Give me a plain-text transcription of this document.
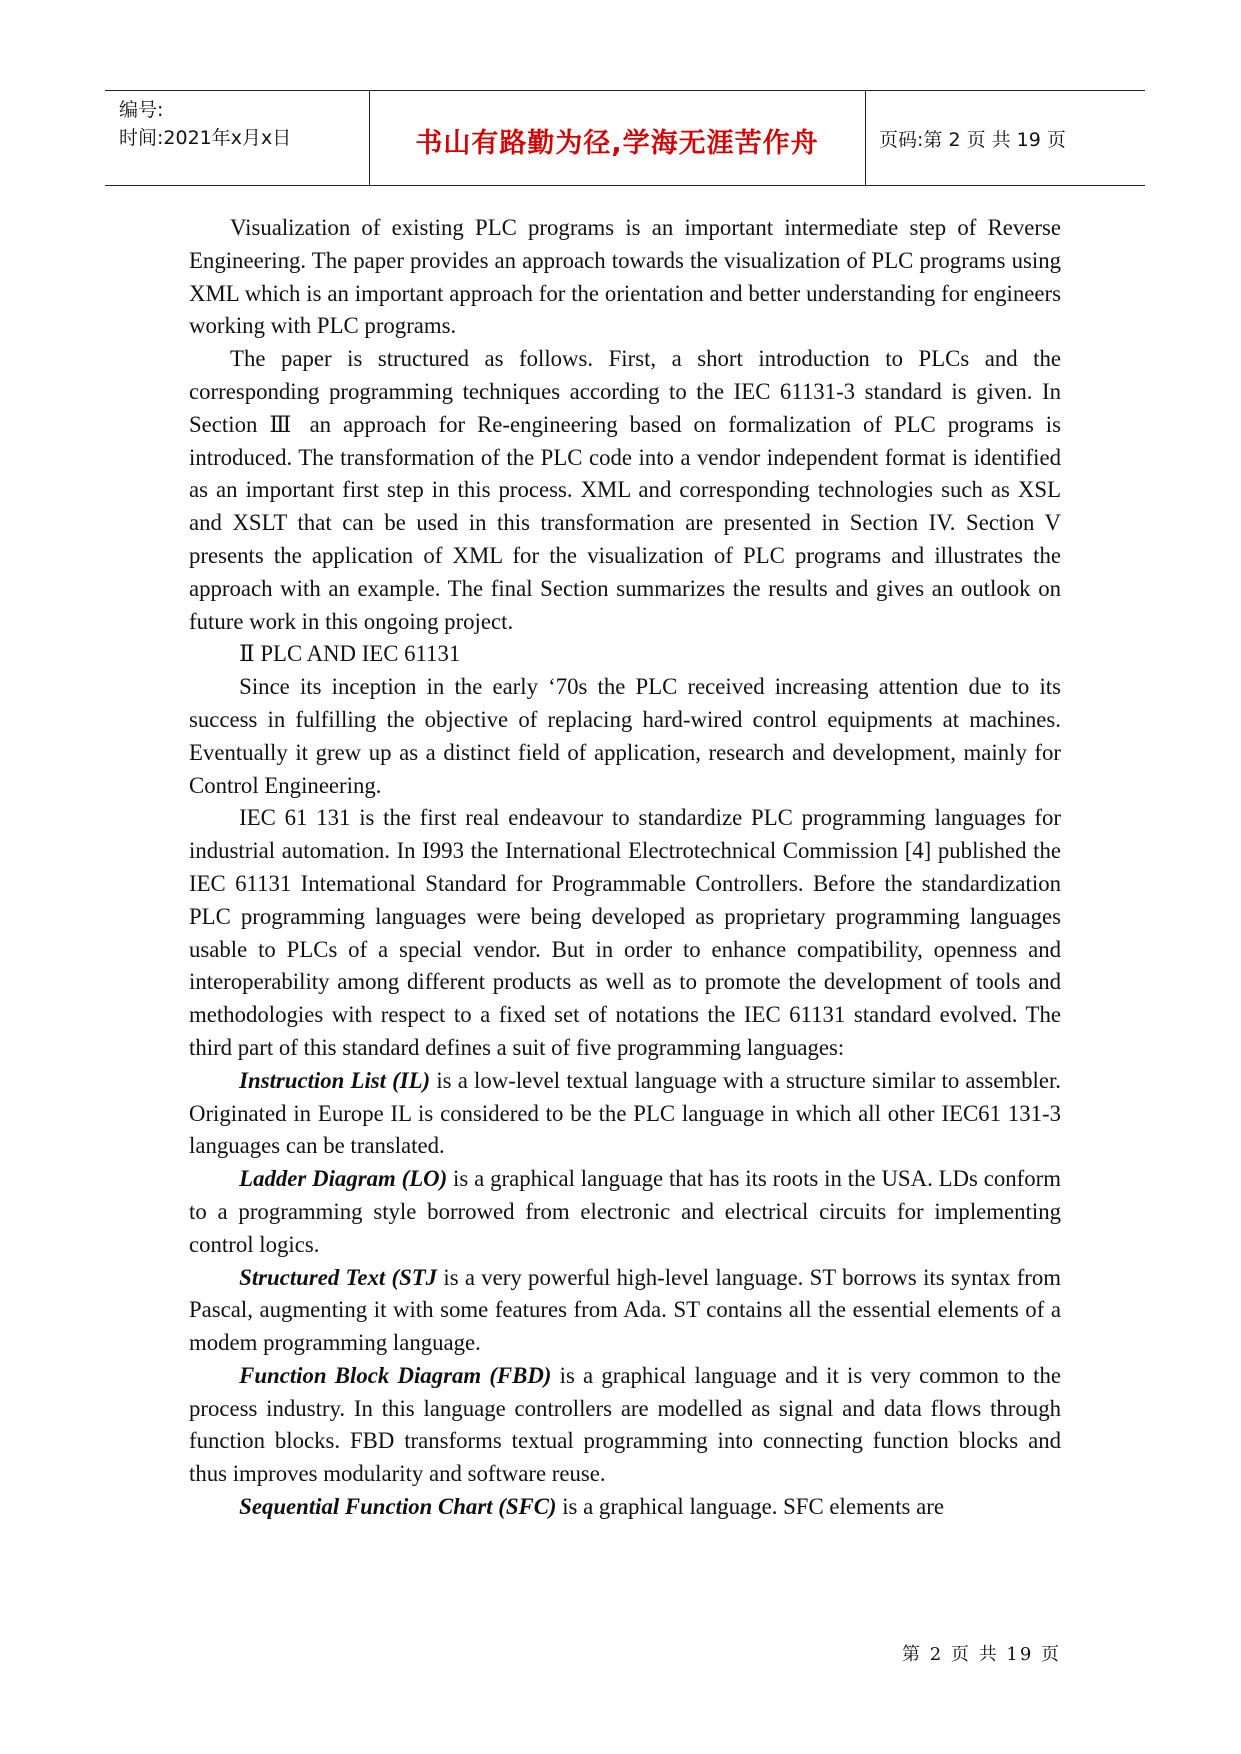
编号:
时间:2021年x月x日	书山有路勤为径,学海无涯苦作舟	页码:第 2 页 共 19 页

Visualization of existing PLC programs is an important intermediate step of Reverse Engineering. The paper provides an approach towards the visualization of PLC programs using XML which is an important approach for the orientation and better understanding for engineers working with PLC programs.

The paper is structured as follows. First, a short introduction to PLCs and the corresponding programming techniques according to the IEC 61131-3 standard is given. In Section Ⅲ an approach for Re-engineering based on formalization of PLC programs is introduced. The transformation of the PLC code into a vendor independent format is identified as an important first step in this process. XML and corresponding technologies such as XSL and XSLT that can be used in this transformation are presented in Section IV. Section V presents the application of XML for the visualization of PLC programs and illustrates the approach with an example. The final Section summarizes the results and gives an outlook on future work in this ongoing project.

Ⅱ PLC AND IEC 61131

Since its inception in the early ‘70s the PLC received increasing attention due to its success in fulfilling the objective of replacing hard-wired control equipments at machines. Eventually it grew up as a distinct field of application, research and development, mainly for Control Engineering.

IEC 61 131 is the first real endeavour to standardize PLC programming languages for industrial automation. In I993 the International Electrotechnical Commission [4] published the IEC 61131 Intemational Standard for Programmable Controllers. Before the standardization PLC programming languages were being developed as proprietary programming languages usable to PLCs of a special vendor. But in order to enhance compatibility, openness and interoperability among different products as well as to promote the development of tools and methodologies with respect to a fixed set of notations the IEC 61131 standard evolved. The third part of this standard defines a suit of five programming languages:

Instruction List (IL) is a low-level textual language with a structure similar to assembler. Originated in Europe IL is considered to be the PLC language in which all other IEC61 131-3 languages can be translated.

Ladder Diagram (LO) is a graphical language that has its roots in the USA. LDs conform to a programming style borrowed from electronic and electrical circuits for implementing control logics.

Structured Text (STJ is a very powerful high-level language. ST borrows its syntax from Pascal, augmenting it with some features from Ada. ST contains all the essential elements of a modem programming language.

Function Block Diagram (FBD) is a graphical language and it is very common to the process industry. In this language controllers are modelled as signal and data flows through function blocks. FBD transforms textual programming into connecting function blocks and thus improves modularity and software reuse.

Sequential Function Chart (SFC) is a graphical language. SFC elements are

第 2 页 共 19 页
